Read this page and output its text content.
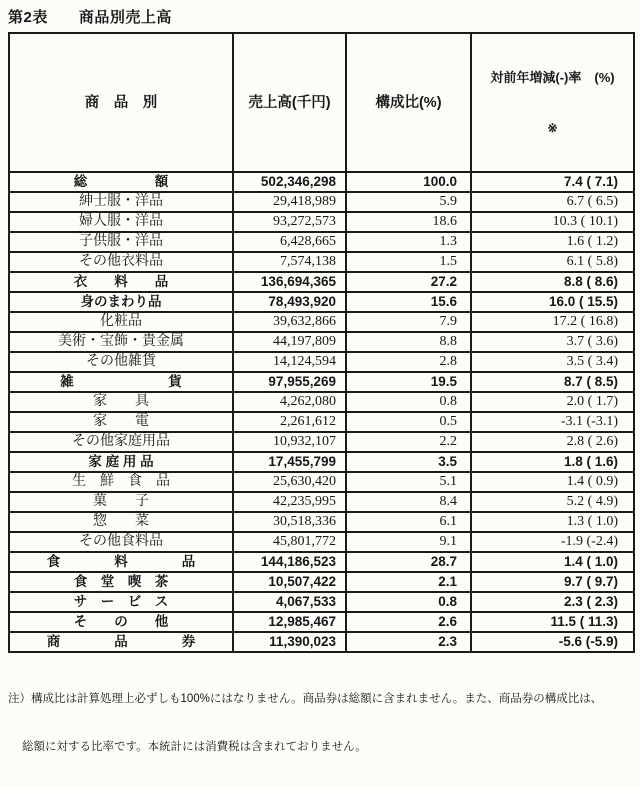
第2表　　商品別売上高

商　品　別	売上高(千円)	構成比(%)	対前年増減(-)率　(%)

※

総　　　　　額	502,346,298	100.0	7.4 ( 7.1)
紳士服・洋品	29,418,989	5.9	6.7 ( 6.5)
婦人服・洋品	93,272,573	18.6	10.3 ( 10.1)
子供服・洋品	6,428,665	1.3	1.6 ( 1.2)
その他衣料品	7,574,138	1.5	6.1 ( 5.8)
衣　　料　　品	136,694,365	27.2	8.8 ( 8.6)
身のまわり品	78,493,920	15.6	16.0 ( 15.5)
化粧品	39,632,866	7.9	17.2 ( 16.8)
美術・宝飾・貴金属	44,197,809	8.8	3.7 ( 3.6)
その他雑貨	14,124,594	2.8	3.5 ( 3.4)
雑　　　　　　　貨	97,955,269	19.5	8.7 ( 8.5)
家　　具	4,262,080	0.8	2.0 ( 1.7)
家　　電	2,261,612	0.5	-3.1 (-3.1)
その他家庭用品	10,932,107	2.2	2.8 ( 2.6)
家 庭 用 品	17,455,799	3.5	1.8 ( 1.6)
生　鮮　食　品	25,630,420	5.1	1.4 ( 0.9)
菓　　子	42,235,995	8.4	5.2 ( 4.9)
惣　　菜	30,518,336	6.1	1.3 ( 1.0)
その他食料品	45,801,772	9.1	-1.9 (-2.4)
食　　　　料　　　　品	144,186,523	28.7	1.4 ( 1.0)
食　堂　喫　茶	10,507,422	2.1	9.7 ( 9.7)
サ　ー　ビ　ス	4,067,533	0.8	2.3 ( 2.3)
そ　　の　　他	12,985,467	2.6	11.5 ( 11.3)
商　　　　品　　　　券	11,390,023	2.3	-5.6 (-5.9)

注）構成比は計算処理上必ずしも100%にはなりません。商品券は総額に含まれません。また、商品券の構成比は、

総額に対する比率です。本統計には消費税は含まれておりません。
